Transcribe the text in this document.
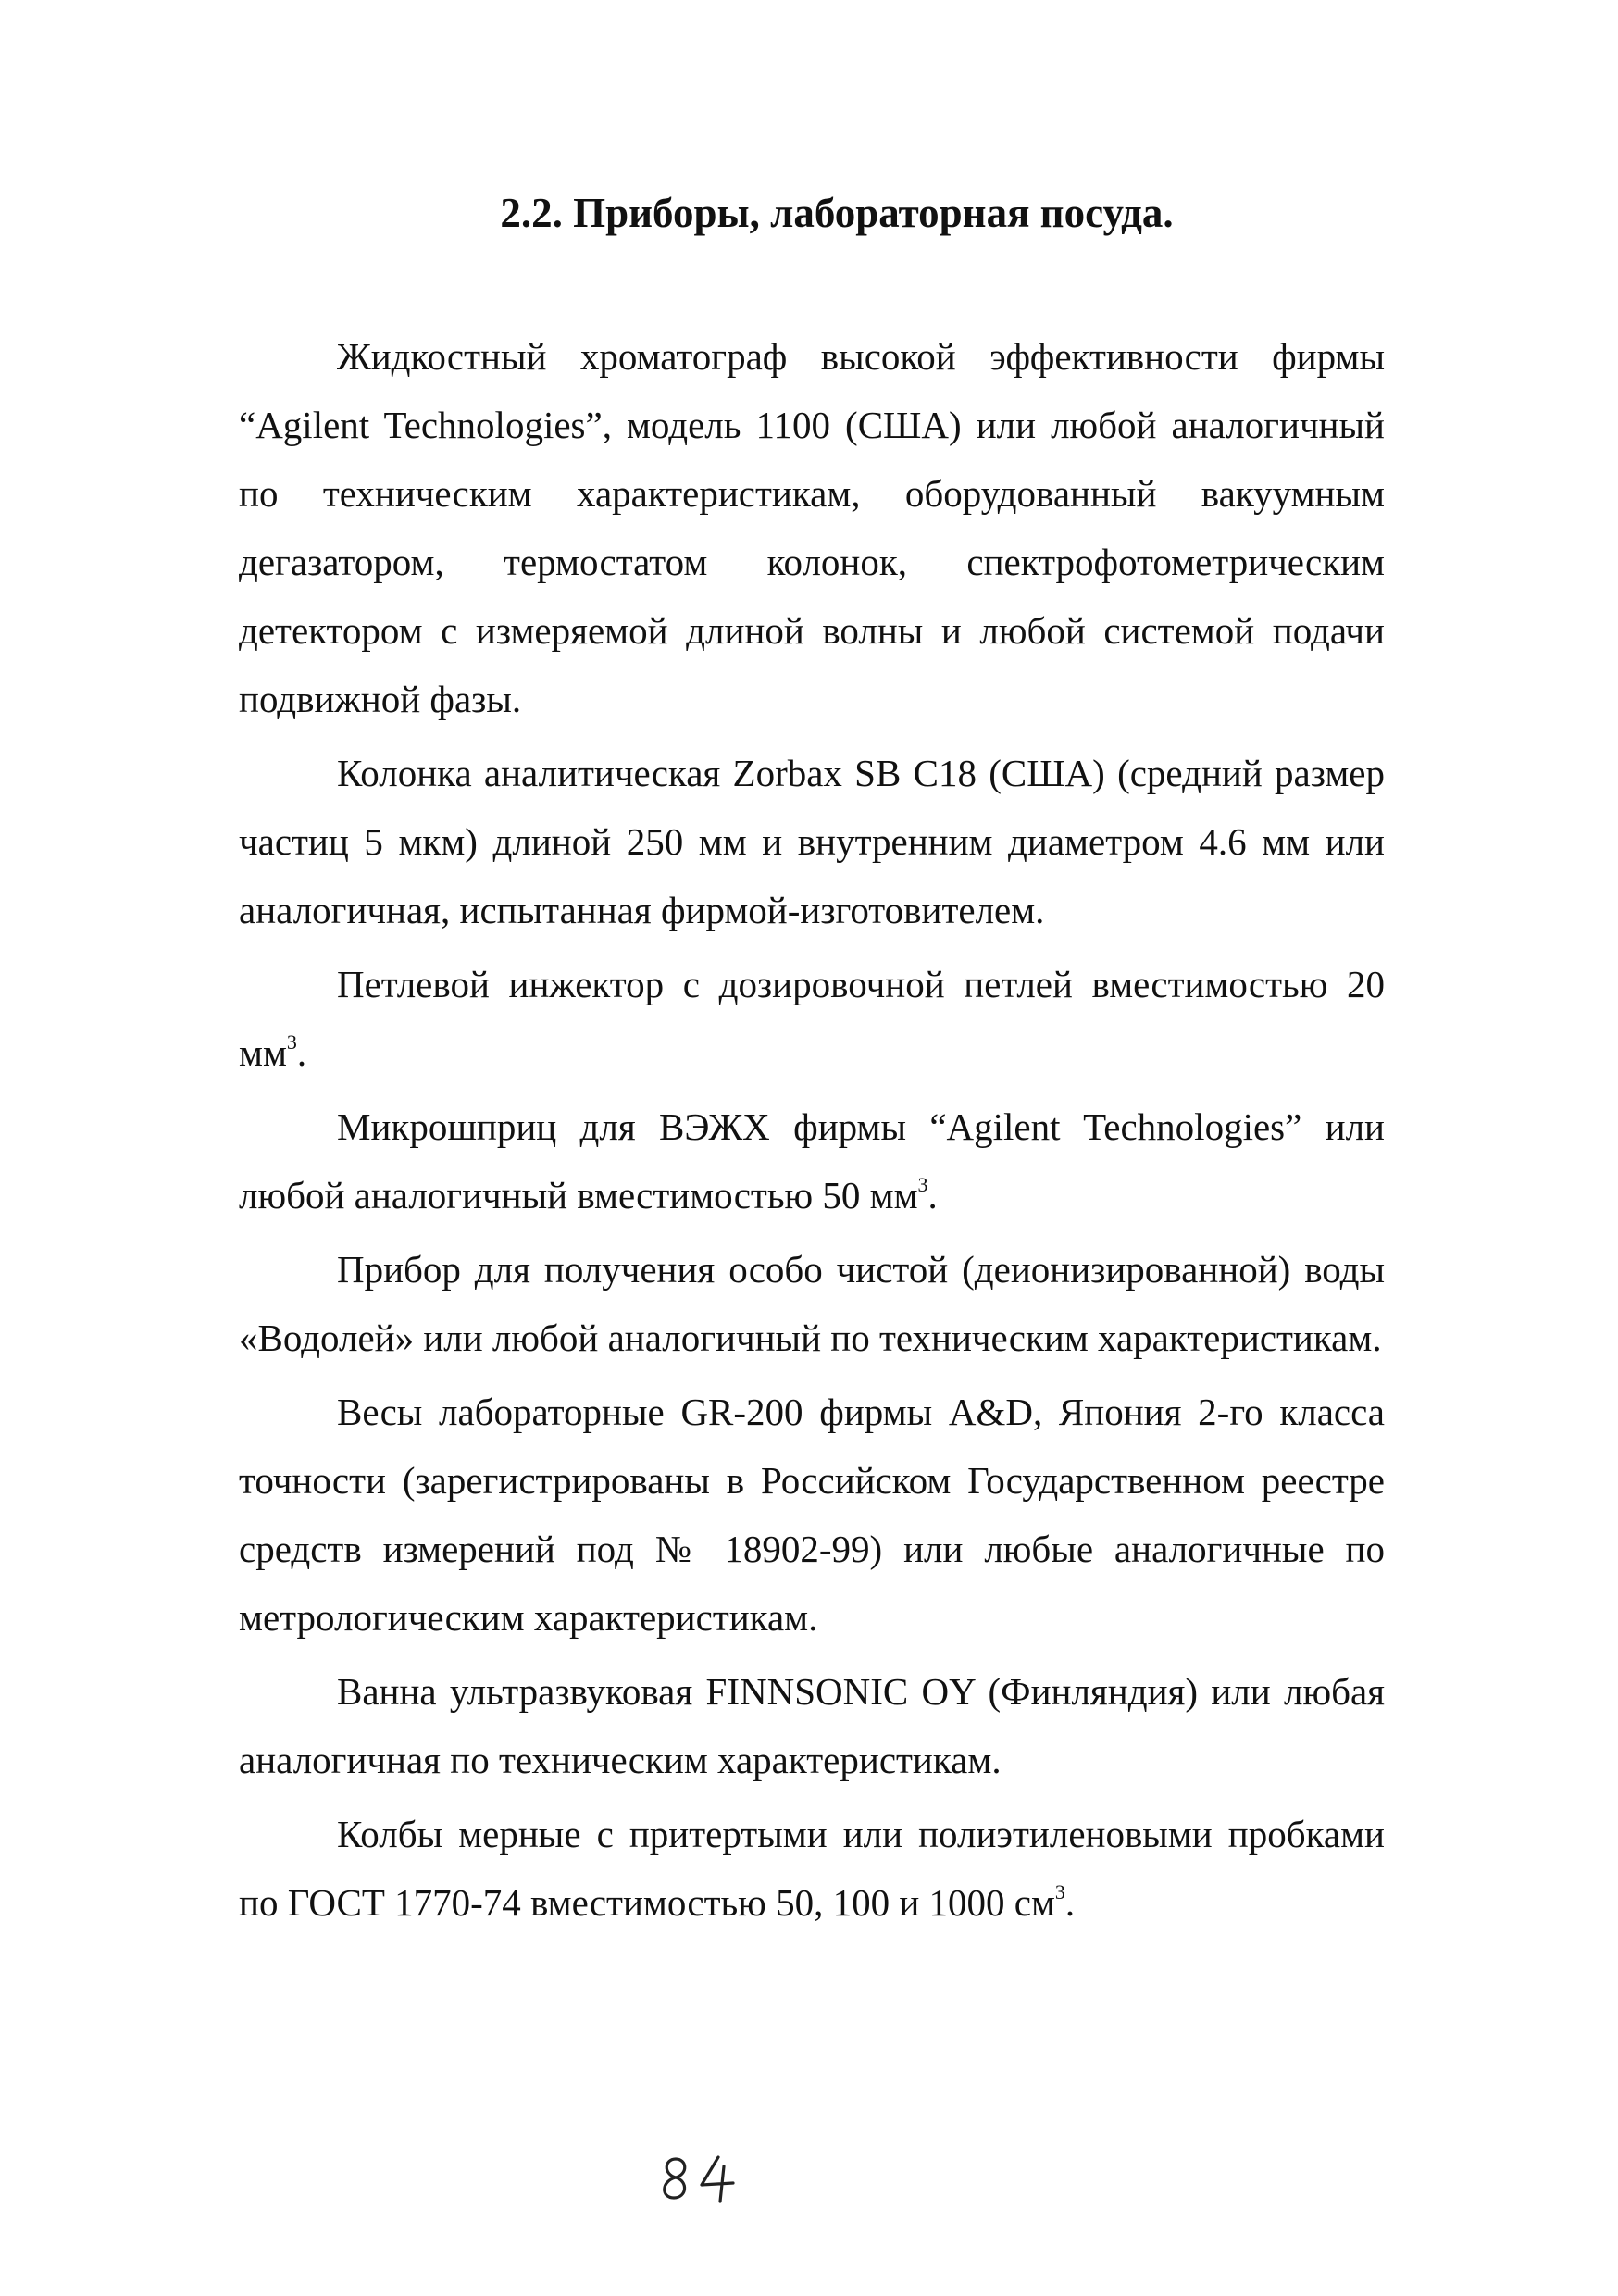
2.2. Приборы, лабораторная посуда.

Жидкостный хроматограф высокой эффективности фирмы “Agilent Technologies”, модель 1100 (США) или любой аналогичный по техническим характеристикам, оборудованный вакуумным дегазатором, термостатом колонок, спектрофотометрическим детектором с измеряемой длиной волны и любой системой подачи подвижной фазы.

Колонка аналитическая Zorbax SB C18 (США) (средний размер частиц 5 мкм) длиной 250 мм и внутренним диаметром 4.6 мм или аналогичная, испытанная фирмой-изготовителем.

Петлевой инжектор с дозировочной петлей вместимостью 20 $мм^3$.

Микрошприц для ВЭЖХ фирмы “Agilent Technologies” или любой аналогичный вместимостью 50 $мм^3$.

Прибор для получения особо чистой (деионизированной) воды «Водолей» или любой аналогичный по техническим характеристикам.

Весы лабораторные GR-200 фирмы A&D, Япония 2-го класса точности (зарегистрированы в Российском Государственном реестре средств измерений под № 18902-99) или любые аналогичные по метрологическим характеристикам.

Ванна ультразвуковая FINNSONIC OY (Финляндия) или любая аналогичная по техническим характеристикам.

Колбы мерные с притертыми или полиэтиленовыми пробками по ГОСТ 1770-74 вместимостью 50, 100 и 1000 $см^3$.

84
